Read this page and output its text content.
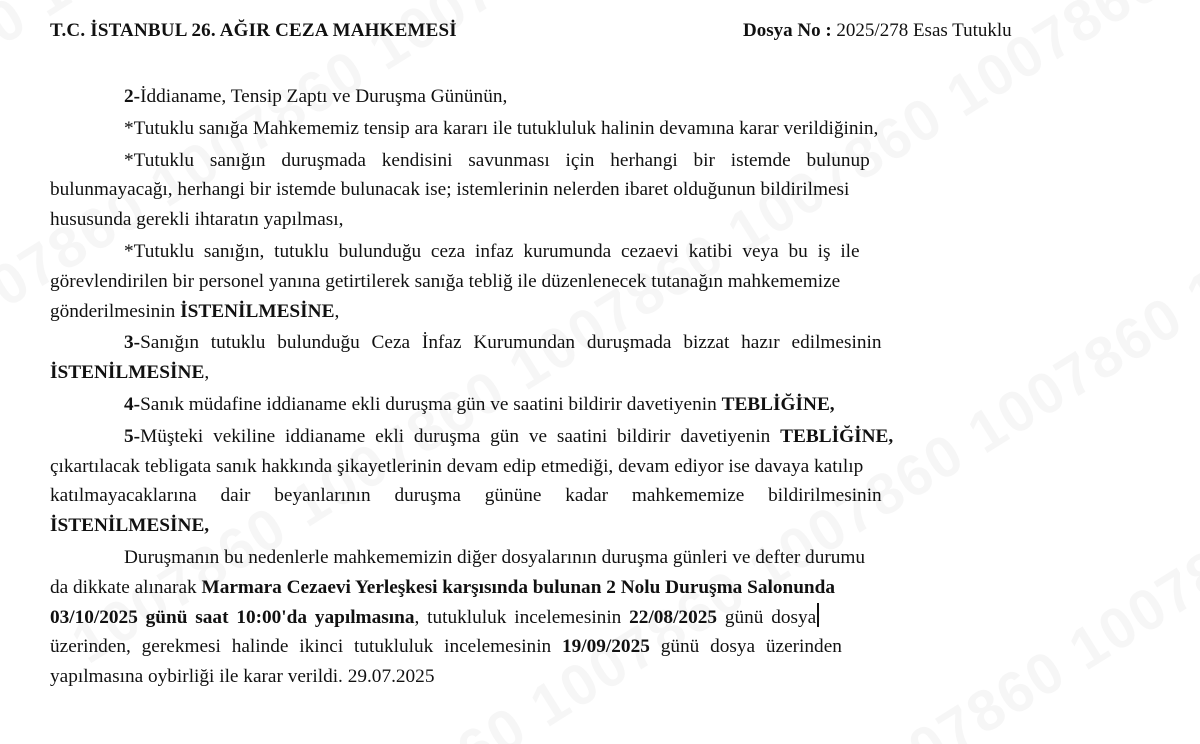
T.C. İSTANBUL 26. AĞIR CEZA MAHKEMESİ	Dosya No : 2025/278 Esas Tutuklu
2-İddianame, Tensip Zaptı ve Duruşma Gününün,
*Tutuklu sanığa Mahkememiz tensip ara kararı ile tutukluluk halinin devamına karar verildiğinin,
*Tutuklu sanığın duruşmada kendisini savunması için herhangi bir istemde bulunup
bulunmayacağı, herhangi bir istemde bulunacak ise; istemlerinin nelerden ibaret olduğunun bildirilmesi
hususunda gerekli ihtaratın yapılması,
*Tutuklu sanığın, tutuklu bulunduğu ceza infaz kurumunda cezaevi katibi veya bu iş ile
görevlendirilen bir personel yanına getirtilerek sanığa tebliğ ile düzenlenecek tutanağın mahkememize
gönderilmesinin İSTENİLMESİNE,
3-Sanığın tutuklu bulunduğu Ceza İnfaz Kurumundan duruşmada bizzat hazır edilmesinin
İSTENİLMESİNE,
4-Sanık müdafine iddianame ekli duruşma gün ve saatini bildirir davetiyenin TEBLİĞİNE,
5-Müşteki vekiline iddianame ekli duruşma gün ve saatini bildirir davetiyenin TEBLİĞİNE,
çıkartılacak tebligata sanık hakkında şikayetlerinin devam edip etmediği, devam ediyor ise davaya katılıp
katılmayacaklarına dair beyanlarının duruşma gününe kadar mahkememize bildirilmesinin
İSTENİLMESİNE,
Duruşmanın bu nedenlerle mahkememizin diğer dosyalarının duruşma günleri ve defter durumu
da dikkate alınarak Marmara Cezaevi Yerleşkesi karşısında bulunan 2 Nolu Duruşma Salonunda
03/10/2025 günü saat 10:00'da yapılmasına, tutukluluk incelemesinin 22/08/2025 günü dosya
üzerinden, gerekmesi halinde ikinci tutukluluk incelemesinin 19/09/2025 günü dosya üzerinden
yapılmasına oybirliği ile karar verildi. 29.07.2025
